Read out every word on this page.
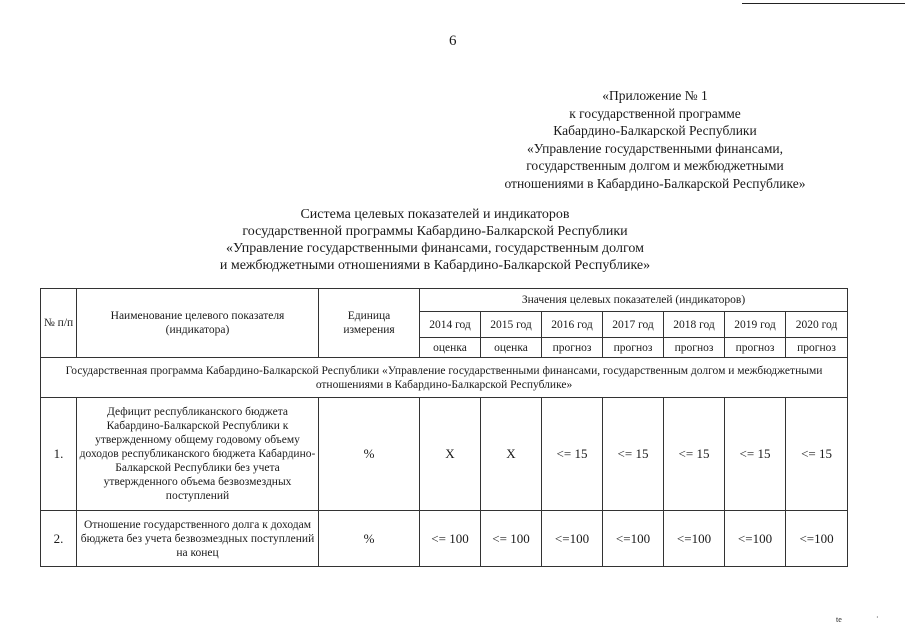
6
«Приложение № 1
к государственной программе
Кабардино-Балкарской Республики
«Управление государственными финансами,
государственным долгом и межбюджетными
отношениями в Кабардино-Балкарской Республике»
Система целевых показателей и индикаторов
государственной программы Кабардино-Балкарской Республики
«Управление государственными финансами, государственным долгом
и межбюджетными отношениями в Кабардино-Балкарской Республике»
№ п/п	Наименование целевого показателя (индикатора)	Единица измерения	Значения целевых показателей (индикаторов)						
			2014 год	2015 год	2016 год	2017 год	2018 год	2019 год	2020 год
			оценка	оценка	прогноз	прогноз	прогноз	прогноз	прогноз
Государственная программа Кабардино-Балкарской Республики «Управление государственными финансами, государственным долгом и межбюджетными отношениями в Кабардино-Балкарской Республике»									
1.	Дефицит республиканского бюджета Кабардино-Балкарской Республики к утвержденному общему годовому объему доходов республиканского бюджета Кабардино-Балкарской Республики без учета утвержденного объема безвозмездных поступлений	%	X	X	<= 15	<= 15	<= 15	<= 15	<= 15
2.	Отношение государственного долга к доходам бюджета без учета безвозмездных поступлений на конец	%	<= 100	<= 100	<=100	<=100	<=100	<=100	<=100
te	·
